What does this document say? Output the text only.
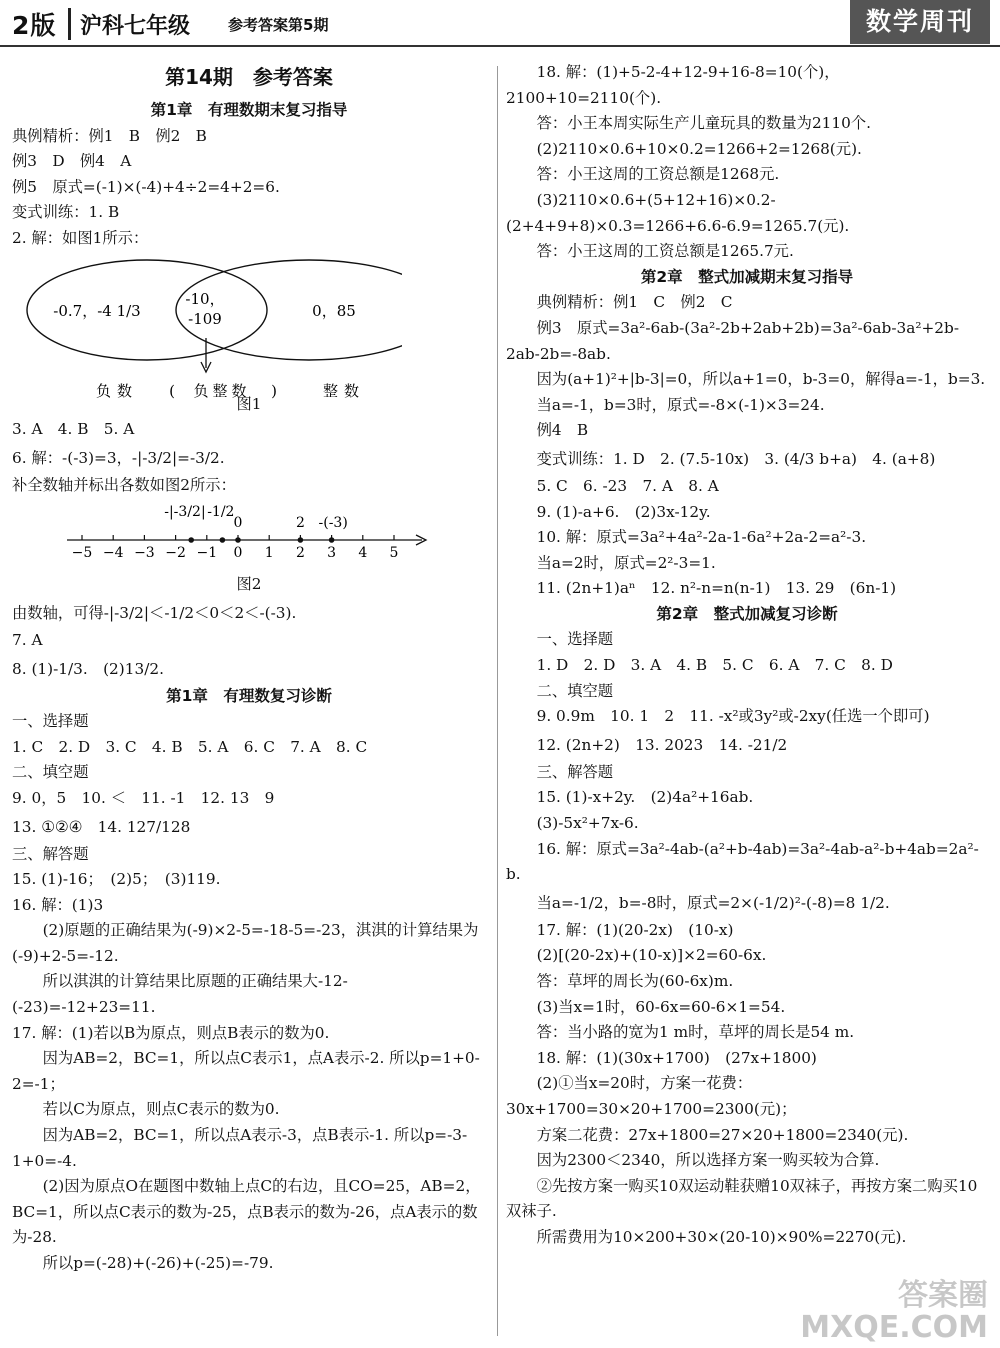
2版 沪科七年级	参考答案第5期	数学周刊
第14期　参考答案
第1章　有理数期末复习指导

典例精析：例1　B　例2　B

例3　D　例4　A

例5　原式=(-1)×(-4)+4÷2=4+2=6.

变式训练：1. B

2. 解：如图1所示：

-0.7，-4 1/3
-10，
-109	0，85
负数 ( 负整数 )	整数
图1

3. A　4. B　5. A

6. 解：-(-3)=3，-|-3/2|=-3/2.

补全数轴并标出各数如图2所示：

−5 −4 −3 −2 −1 0 1 2 3 4 5
-|-3/2| -1/2
0	2 -(-3)
图2

由数轴，可得-|-3/2|＜-1/2＜0＜2＜-(-3).

7. A

8. (1)-1/3.　(2)13/2.

第1章　有理数复习诊断

一、选择题

1. C　2. D　3. C　4. B　5. A　6. C　7. A　8. C

二、填空题

9. 0，5　10. ＜　11. -1　12. 13　9

13. ①②④　14. 127/128

三、解答题

15. (1)-16；　(2)5；　(3)119.

16. 解：(1)3

(2)原题的正确结果为(-9)×2-5=-18-5=-23，淇淇的计算结果为(-9)+2-5=-12.

所以淇淇的计算结果比原题的正确结果大-12-(-23)=-12+23=11.

17. 解：(1)若以B为原点，则点B表示的数为0.

因为AB=2，BC=1，所以点C表示1，点A表示-2. 所以p=1+0-2=-1；

若以C为原点，则点C表示的数为0.

因为AB=2，BC=1，所以点A表示-3，点B表示-1. 所以p=-3-1+0=-4.

(2)因为原点O在题图中数轴上点C的右边，且CO=25，AB=2，BC=1，所以点C表示的数为-25，点B表示的数为-26，点A表示的数为-28.

所以p=(-28)+(-26)+(-25)=-79.

18. 解：(1)+5-2-4+12-9+16-8=10(个)，2100+10=2110(个).

答：小王本周实际生产儿童玩具的数量为2110个.

(2)2110×0.6+10×0.2=1266+2=1268(元).

答：小王这周的工资总额是1268元.

(3)2110×0.6+(5+12+16)×0.2-(2+4+9+8)×0.3=1266+6.6-6.9=1265.7(元).

答：小王这周的工资总额是1265.7元.

第2章　整式加减期末复习指导

典例精析：例1　C　例2　C

例3　原式=3a²-6ab-(3a²-2b+2ab+2b)=3a²-6ab-3a²+2b-2ab-2b=-8ab.

因为(a+1)²+|b-3|=0，所以a+1=0，b-3=0，解得a=-1，b=3.

当a=-1，b=3时，原式=-8×(-1)×3=24.

例4　B

变式训练：1. D　2. (7.5-10x)　3. (4/3 b+a)　4. (a+8)

5. C　6. -23　7. A　8. A

9. (1)-a+6.　(2)3x-12y.

10. 解：原式=3a²+4a²-2a-1-6a²+2a-2=a²-3.

当a=2时，原式=2²-3=1.

11. (2n+1)aⁿ　12. n²-n=n(n-1)　13. 29　(6n-1)

第2章　整式加减复习诊断

一、选择题

1. D　2. D　3. A　4. B　5. C　6. A　7. C　8. D

二、填空题

9. 0.9m　10. 1　2　11. -x²或3y²或-2xy(任选一个即可)

12. (2n+2)　13. 2023　14. -21/2

三、解答题

15. (1)-x+2y.　(2)4a²+16ab.

(3)-5x²+7x-6.

16. 解：原式=3a²-4ab-(a²+b-4ab)=3a²-4ab-a²-b+4ab=2a²-b.

当a=-1/2，b=-8时，原式=2×(-1/2)²-(-8)=8 1/2.

17. 解：(1)(20-2x)　(10-x)

(2)[(20-2x)+(10-x)]×2=60-6x.

答：草坪的周长为(60-6x)m.

(3)当x=1时，60-6x=60-6×1=54.

答：当小路的宽为1 m时，草坪的周长是54 m.

18. 解：(1)(30x+1700)　(27x+1800)

(2)①当x=20时，方案一花费：30x+1700=30×20+1700=2300(元)；

方案二花费：27x+1800=27×20+1800=2340(元).

因为2300＜2340，所以选择方案一购买较为合算.

②先按方案一购买10双运动鞋获赠10双袜子，再按方案二购买10双袜子.

所需费用为10×200+30×(20-10)×90%=2270(元).

答案圈
MXQE.COM
